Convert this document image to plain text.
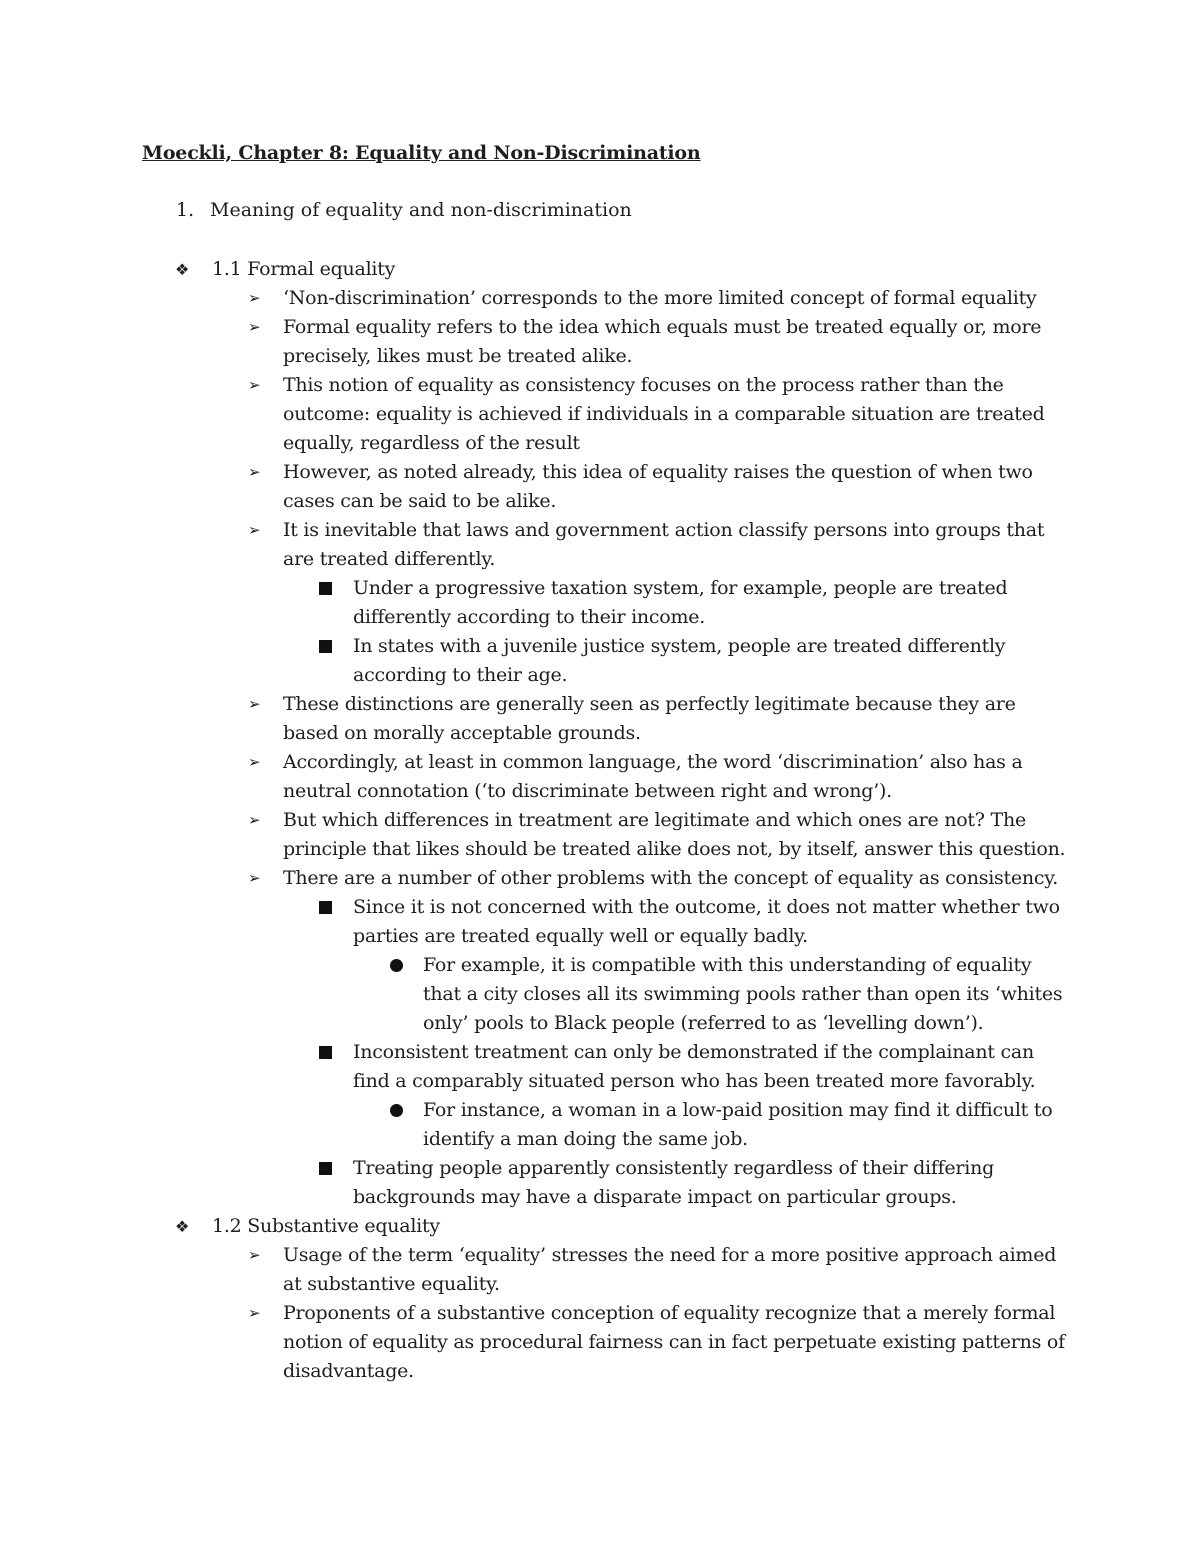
Moeckli, Chapter 8: Equality and Non-Discrimination
1. Meaning of equality and non-discrimination
❖ 1.1 Formal equality
➢ ‘Non-discrimination’ corresponds to the more limited concept of formal equality
➢ Formal equality refers to the idea which equals must be treated equally or, more precisely, likes must be treated alike.
➢ This notion of equality as consistency focuses on the process rather than the outcome: equality is achieved if individuals in a comparable situation are treated equally, regardless of the result
➢ However, as noted already, this idea of equality raises the question of when two cases can be said to be alike.
➢ It is inevitable that laws and government action classify persons into groups that are treated differently.
Under a progressive taxation system, for example, people are treated differently according to their income.
In states with a juvenile justice system, people are treated differently according to their age.
➢ These distinctions are generally seen as perfectly legitimate because they are based on morally acceptable grounds.
➢ Accordingly, at least in common language, the word ‘discrimination’ also has a neutral connotation (‘to discriminate between right and wrong’).
➢ But which differences in treatment are legitimate and which ones are not? The principle that likes should be treated alike does not, by itself, answer this question.
➢ There are a number of other problems with the concept of equality as consistency.
Since it is not concerned with the outcome, it does not matter whether two parties are treated equally well or equally badly.
For example, it is compatible with this understanding of equality that a city closes all its swimming pools rather than open its ‘whites only’ pools to Black people (referred to as ‘levelling down’).
Inconsistent treatment can only be demonstrated if the complainant can find a comparably situated person who has been treated more favorably.
For instance, a woman in a low-paid position may find it difficult to identify a man doing the same job.
Treating people apparently consistently regardless of their differing backgrounds may have a disparate impact on particular groups.
❖ 1.2 Substantive equality
➢ Usage of the term ‘equality’ stresses the need for a more positive approach aimed at substantive equality.
➢ Proponents of a substantive conception of equality recognize that a merely formal notion of equality as procedural fairness can in fact perpetuate existing patterns of disadvantage.
